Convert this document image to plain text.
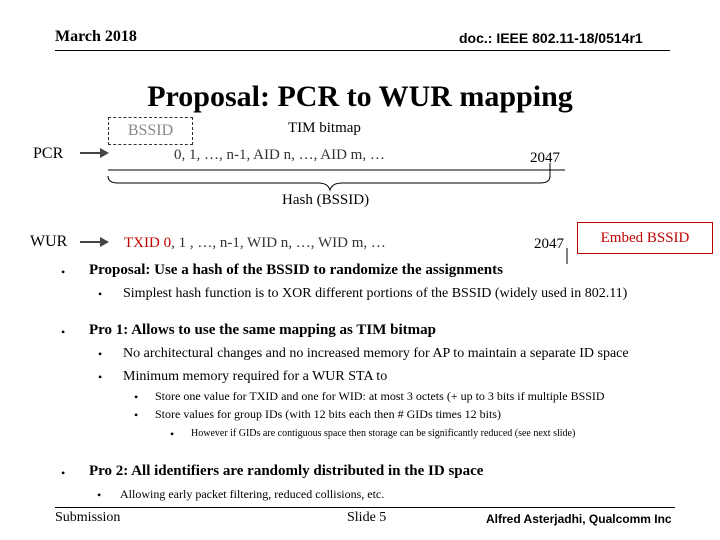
March 2018	doc.: IEEE 802.11-18/0514r1
Proposal: PCR to WUR mapping
BSSID	TIM bitmap
PCR	0, 1, …, n-1, AID n, …, AID m, …	2047
Hash (BSSID)
WUR	TXID 0, 1 , …, n-1, WID n, …, WID m, …	2047	Embed BSSID
• Proposal: Use a hash of the BSSID to randomize the assignments
• Simplest hash function is to XOR different portions of the BSSID (widely used in 802.11)
• Pro 1: Allows to use the same mapping as TIM bitmap
• No architectural changes and no increased memory for AP to maintain a separate ID space
• Minimum memory required for a WUR STA to
• Store one value for TXID and one for WID: at most 3 octets (+ up to 3 bits if multiple BSSID
• Store values for group IDs (with 12 bits each then # GIDs times 12 bits)
• However if GIDs are contiguous space then storage can be significantly reduced (see next slide)
• Pro 2: All identifiers are randomly distributed in the ID space
• Allowing early packet filtering, reduced collisions, etc.
Submission	Slide 5	Alfred Asterjadhi, Qualcomm Inc
